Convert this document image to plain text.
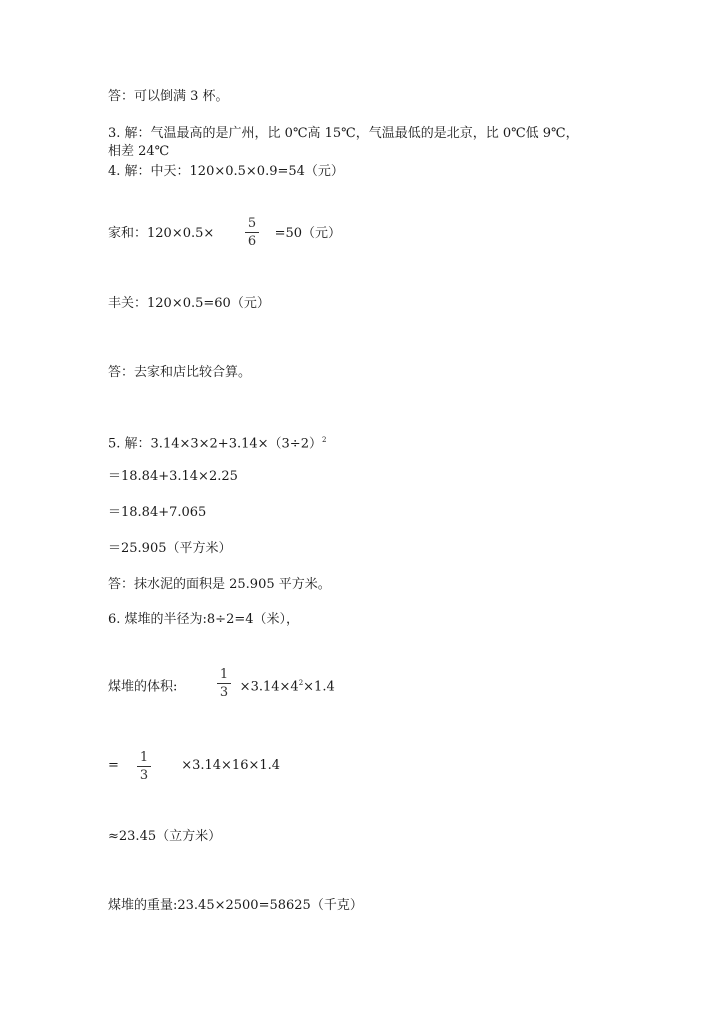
答：可以倒满 3 杯。
3. 解：气温最高的是广州，比 0℃高 15℃，气温最低的是北京，比 0℃低 9℃，
相差 24℃
4. 解：中天：120×0.5×0.9=54（元）
家和：120×0.5×	=50（元）
5
6
丰关：120×0.5=60（元）
答：去家和店比较合算。
5. 解：$3.14\times 3\times 2+3.14\times(3\div 2)^2$
＝18.84+3.14×2.25
＝18.84+7.065
＝25.905（平方米）
答：抹水泥的面积是 25.905 平方米。
6. 煤堆的半径为:8÷2=4（米），
煤堆的体积:	$\times 3.14\times 4^2\times 1.4$
1
3
=	×3.14×16×1.4
1
3
≈23.45（立方米）
煤堆的重量:23.45×2500=58625（千克）
